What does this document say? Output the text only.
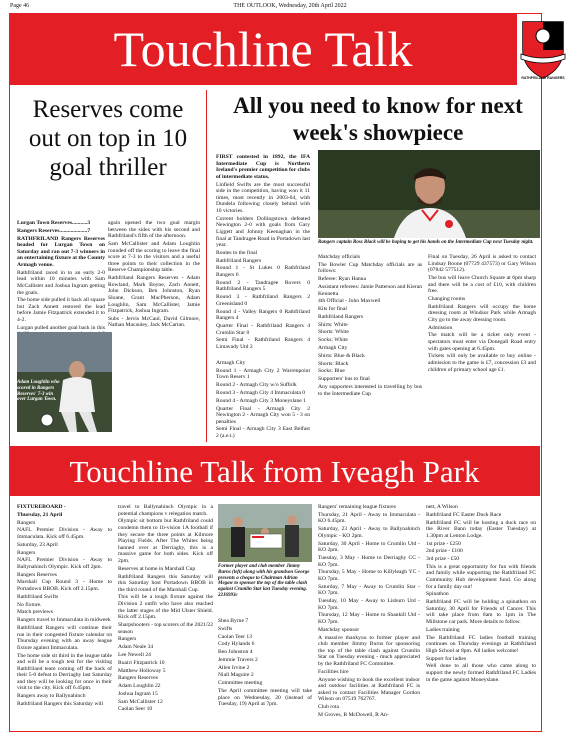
Page 46	THE OUTLOOK, Wednesday, 20th April 2022
Touchline Talk
RATHFRILAND RANGERS
Reserves come out on top in 10 goal thriller

Lurgan Town Reserves...........3

Rangers Reserves....................7

RATHFRILAND Rangers Reserves headed for Lurgan Town on Saturday and ran out 7-3 winners in an entertaining fixture at the County Armagh venue.

Rathfriland raced in to an early 2-0 lead within 10 minutes with Sam McCallister and Joshua Ingram getting the goals.

The home side pulled it back all square but Zach Annett restored the lead before Jamie Fitzpatrick extended it to 4-2.

Lurgan pulled another goal back in this

again opened the two goal margin between the sides with his second and Rathfriland's fifth of the afternoon.

Sam McCallister and Adam Loughlin rounded off the scoring to leave the final score at 7-3 to the visitors and a useful three points to their collection in the Reserve Championship table.

Rathfriland Rangers Reserves - Adam Rowland, Mark Boyne, Zach Annett, John Dickson, Ben Johnston, Ryan Sloane, Grant MacPherson, Adam Loughlin, Sam McCallister, Jamie Fitzpatrick, Joshua Ingram.

Subs - Jervis McCaul, David Gilmore, Nathan Macauley, Jack McCartan.

Adam Loughlin who scored in Rangers Reserves' 7-3 win over Lurgan Town.
All you need to know for next week's showpiece

FIRST contested in 1892, the IFA Intermediate Cup is Northern Ireland's premier competition for clubs of intermediate status.

Linfield Swifts are the most successful side in the competition, having won it 11 times, most recently in 2003-04, with Dundela following closely behind with 10 victories.

Current holders Dollingstown defeated Newington 2-0 with goals from Gary Liggett and Johnny Keenaghan in the final at Tandragee Road in Portadown last year.

Routes to the final

Rathfriland Rangers

Round 1 - St Lukes 0 Rathfriland Rangers 6

Round 2 - Tandragee Rovers 0 Rathfriland Rangers 5

Round 3 - Rathfriland Rangers 2 Greenisland 0

Round 4 - Valley Rangers 0 Rathfriland Rangers 4

Quarter Final - Rathfriland Rangers 4 Crumlin Star 0

Semi Final - Rathfriland Rangers 4 Limavady Utd 2

Armagh City

Round 1 - Armagh City 2 Warrenpoint Town Reserv 1

Round 2 - Armagh City w/o Suffolk

Round 3 - Armagh City 4 Immaculata 0

Round 4 - Armagh City 3 Moneyslane 1

Quarter Final - Armagh City 2 Newington 2 - Armagh City won 5 - 3 on penalties

Semi Final - Armagh City 3 East Belfast 2 (a.e.t.)

Rangers captain Ross Black will be hoping to get his hands on the Intermediate Cup next Tuesday night.

Matchday officials

The Bowler Cup Matchday officials are as follows:

Referee: Ryan Hanna

Assistant referees: Jamie Patterson and Kieran Kennetta

4th Official - John Maxwell

Kits for final

Rathfriland Rangers

Shirts: White

Shorts: White

Socks: White

Armagh City

Shirts: Blue & Black

Shorts: Black

Socks: Blue

Supporters' bus to final

Any supporters interested in travelling by bus to the Intermediate Cup

Final on Tuesday, 26 April is asked to contact Lindsay Boone (07729 437573) or Gary Wilson (07842 577512).

The bus will leave Church Square at 6pm sharp and there will be a cost of £10, with children free.

Changing rooms

Rathfriland Rangers will occupy the home dressing room at Windsor Park while Armagh City go to the away dressing room.

Admission

The match will be a ticket only event - spectators must enter via Donegall Road entry with gates opening at 6.45pm.

Tickets will only be available to buy online - admission to the game is £7, concession £3 and children of primary school age £1.

Touchline Talk from Iveagh Park

FIXTUREBOARD -

Thursday, 21 April

Rangers

NAFL Premier Division - Away to Immaculata. Kick off 6.45pm.

Saturday, 23 April

Rangers

NAFL Premier Division - Away to Ballynahinch Olympic. Kick off 2pm.

Rangers Reserves

Marshall Cup Round 3 - Home to Portadown BBOB. Kick off 2.15pm.

Rathfriland Swifts

No fixture.

Match previews

Rangers travel to Immaculata in midweek

Rathfriland Rangers will continue their run in their congested fixture calendar on Thursday evening with an away league fixture against Immaculata.

The home side sit third in the league table and will be a tough test for the visiting Rathfriland team coming off the back of their 5-0 defeat to Derriaghy last Saturday and they will be looking for once in their visit to the city. Kick off 6.45pm.

Rangers away to Ballynahinch

Rathfriland Rangers this Saturday will

travel to Ballynahinch Olympic in a potential champions v relegation match.

Olympic sit bottom but Rathfriland could condemn them to 1b-vision 1A football if they secure the three points at Kilmore Playing Fields. After The Whites being hanned over at Derriaghy, this is a massive game for both sides. Kick off 2pm.

Reserves at home in Marshall Cup

Rathfriland Rangers this Saturday will this Saturday host Portadown BBOB in the third round of the Marshall Cup.

This will be a tough fixture against the Division 2 outfit who have also reached the latter stages of the Mid Ulster Shield. Kick off 2.15pm.

Sharpshooters - top scorers of the 2021/22 season

Rangers

Adam Neale 34

Lee Newell 24

Ruairi Fitzpatrick 10

Matthew Holloway 5

Rangers Reserves

Adam Loughlin 22

Joshua Ingram 15

Sam McCallister 12

Caolan Seer 10

Former player and club member Jimmy Burns (left) along with his grandson George presents a cheque to Chairman Adrian Megaw to sponsor the top of the table clash against Crumlin Star last Tuesday evening. 22J6993c

Shea Byrne 7

Swifts

Caolan Teer 13

Cody Hylands 6

Ben Johnston 4

Jemmie Travers 2

Allen Irvine 2

Niall Maguire 2

Committee meeting

The April committee meeting will take place on Wednesday, 20 (instead of Tuesday, 19) April at 7pm.

Rangers' remaining league fixtures

Thursday, 21 April - Away to Immaculata - KO 6.45pm.

Saturday, 23 April - Away to Ballynahinch Olympic - KO 2pm.

Saturday, 30 April - Home to Crumlin Utd - KO 2pm.

Tuesday, 3 May - Home to Derriaghy CC - KO 7pm.

Thursday, 5 May - Home to Killyleagh YC - KO 7pm.

Saturday, 7 May - Away to Crumlin Star - KO 7pm.

Tuesday, 10 May - Away to Lisburn Utd - KO 7pm.

Thursday, 12 May - Home to Shankill Utd - KO 7pm.

Matchday sponsor

A massive thankyou to former player and club member Jimmy Burns for sponsoring the top of the table clash against Crumlin Star on Tuesday evening - much appreciated by the Rathfriland FC Committee.

Facilities hire

Anyone wishing to book the excellent indoor and outdoor facilities at Rathfriland FC is asked to contact Facilities Manager Gordon Wilson on 07519 762767.

Club rota

M Groves, B McDowell, R An-

nett, A Wilson

Rathfriland FC Easter Duck Race

Rathfriland FC will be hosting a duck race on the River Bann today (Easter Tuesday) at 1.30pm at Lenton Lodge.

1st prize - £250

2nd prize - £100

3rd prize - £50

This is a great opportunity for fun with friends and family while supporting the Rathfriland FC Community Hub development fund. Go along for a family day out!

Spinathon

Rathfriland FC will be holding a spinathon on Saturday, 30 April for Friends of Cancer. This will take place from 8am to 1pm in The Millstone car park. More details to follow.

Ladies training

The Rathfriland FC ladies football training continues on Thursday evenings at Rathfriland High School at 8pm. All ladies welcome!

Support for ladies

Well done to all those who came along to support the newly formed Rathfriland FC Ladies in the game against Moneyslane.
